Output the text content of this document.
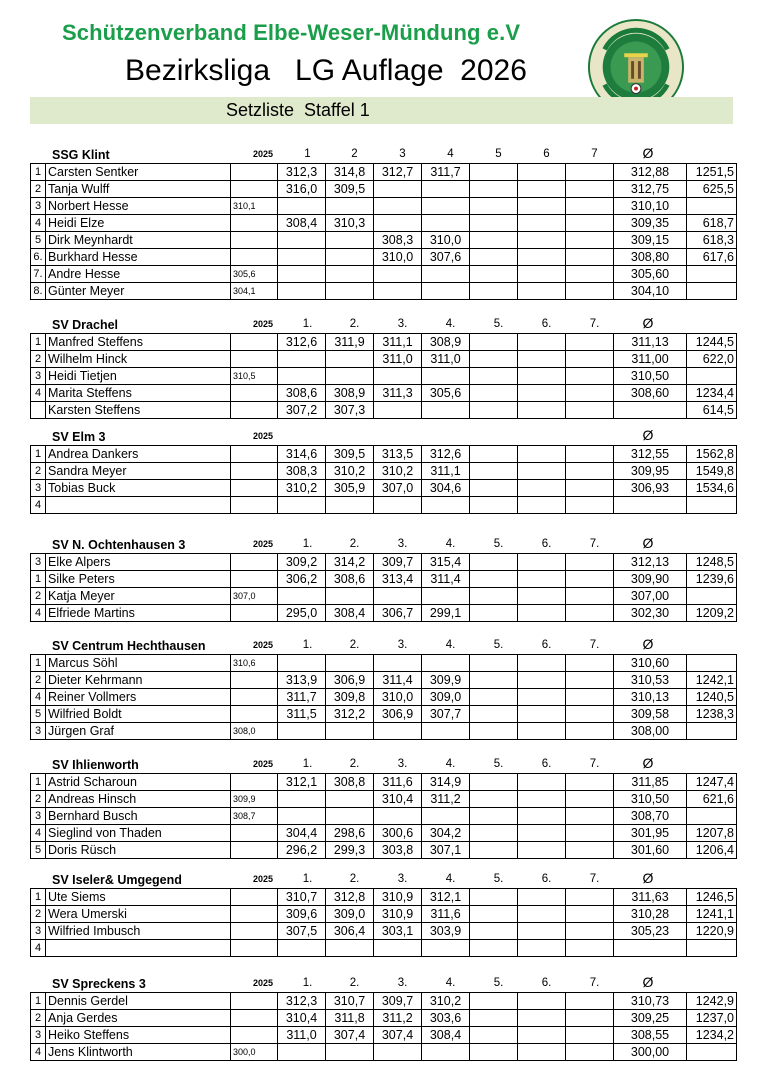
Schützenverband Elbe-Weser-Mündung e.V
Bezirksliga   LG Auflage  2026
Setzliste  Staffel 1
SSG Klint	2025	1	2	3	4	5	6	7	Ø
1	Carsten Sentker		312,3	314,8	312,7	311,7				312,88	1251,5
2	Tanja Wulff		316,0	309,5						312,75	625,5
3	Norbert Hesse	310,1								310,10	
4	Heidi Elze		308,4	310,3						309,35	618,7
5	Dirk Meynhardt				308,3	310,0				309,15	618,3
6.	Burkhard Hesse				310,0	307,6				308,80	617,6
7.	Andre Hesse	305,6								305,60	
8.	Günter Meyer	304,1								304,10	
SV Drachel	2025	1.	2.	3.	4.	5.	6.	7.	Ø
1	Manfred Steffens		312,6	311,9	311,1	308,9				311,13	1244,5
2	Wilhelm Hinck				311,0	311,0				311,00	622,0
3	Heidi Tietjen	310,5								310,50	
4	Marita Steffens		308,6	308,9	311,3	305,6				308,60	1234,4
	Karsten Steffens		307,2	307,3							614,5
SV Elm 3	2025	Ø
1	Andrea Dankers		314,6	309,5	313,5	312,6				312,55	1562,8
2	Sandra Meyer		308,3	310,2	310,2	311,1				309,95	1549,8
3	Tobias Buck		310,2	305,9	307,0	304,6				306,93	1534,6
4											
SV N. Ochtenhausen 3	2025	1.	2.	3.	4.	5.	6.	7.	Ø
3	Elke Alpers		309,2	314,2	309,7	315,4				312,13	1248,5
1	Silke Peters		306,2	308,6	313,4	311,4				309,90	1239,6
2	Katja Meyer	307,0								307,00	
4	Elfriede Martins		295,0	308,4	306,7	299,1				302,30	1209,2
SV Centrum Hechthausen	2025	1.	2.	3.	4.	5.	6.	7.	Ø
1	Marcus Söhl	310,6								310,60	
2	Dieter Kehrmann		313,9	306,9	311,4	309,9				310,53	1242,1
4	Reiner Vollmers		311,7	309,8	310,0	309,0				310,13	1240,5
5	Wilfried Boldt		311,5	312,2	306,9	307,7				309,58	1238,3
3	Jürgen Graf	308,0								308,00	
SV Ihlienworth	2025	1.	2.	3.	4.	5.	6.	7.	Ø
1	Astrid Scharoun		312,1	308,8	311,6	314,9				311,85	1247,4
2	Andreas Hinsch	309,9			310,4	311,2				310,50	621,6
3	Bernhard Busch	308,7								308,70	
4	Sieglind von Thaden		304,4	298,6	300,6	304,2				301,95	1207,8
5	Doris Rüsch		296,2	299,3	303,8	307,1				301,60	1206,4
SV Iseler& Umgegend	2025	1.	2.	3.	4.	5.	6.	7.	Ø
1	Ute Siems		310,7	312,8	310,9	312,1				311,63	1246,5
2	Wera Umerski		309,6	309,0	310,9	311,6				310,28	1241,1
3	Wilfried Imbusch		307,5	306,4	303,1	303,9				305,23	1220,9
4											
SV Spreckens 3	2025	1.	2.	3.	4.	5.	6.	7.	Ø
1	Dennis Gerdel		312,3	310,7	309,7	310,2				310,73	1242,9
2	Anja Gerdes		310,4	311,8	311,2	303,6				309,25	1237,0
3	Heiko Steffens		311,0	307,4	307,4	308,4				308,55	1234,2
4	Jens Klintworth	300,0								300,00	
